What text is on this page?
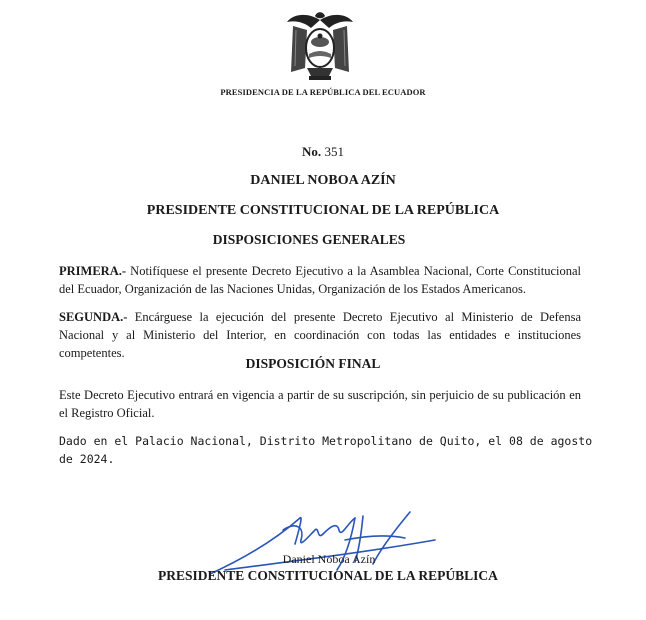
PRESIDENCIA DE LA REPÚBLICA DEL ECUADOR
No. 351
DANIEL NOBOA AZÍN
PRESIDENTE CONSTITUCIONAL DE LA REPÚBLICA
DISPOSICIONES GENERALES
PRIMERA.- Notifíquese el presente Decreto Ejecutivo a la Asamblea Nacional, Corte Constitucional del Ecuador, Organización de las Naciones Unidas, Organización de los Estados Americanos.
SEGUNDA.- Encárguese la ejecución del presente Decreto Ejecutivo al Ministerio de Defensa Nacional y al Ministerio del Interior, en coordinación con todas las entidades e instituciones competentes.
DISPOSICIÓN FINAL
Este Decreto Ejecutivo entrará en vigencia a partir de su suscripción, sin perjuicio de su publicación en el Registro Oficial.
Dado en el Palacio Nacional, Distrito Metropolitano de Quito, el 08 de agosto de 2024.
Daniel Noboa Azín
PRESIDENTE CONSTITUCIONAL DE LA REPÚBLICA
